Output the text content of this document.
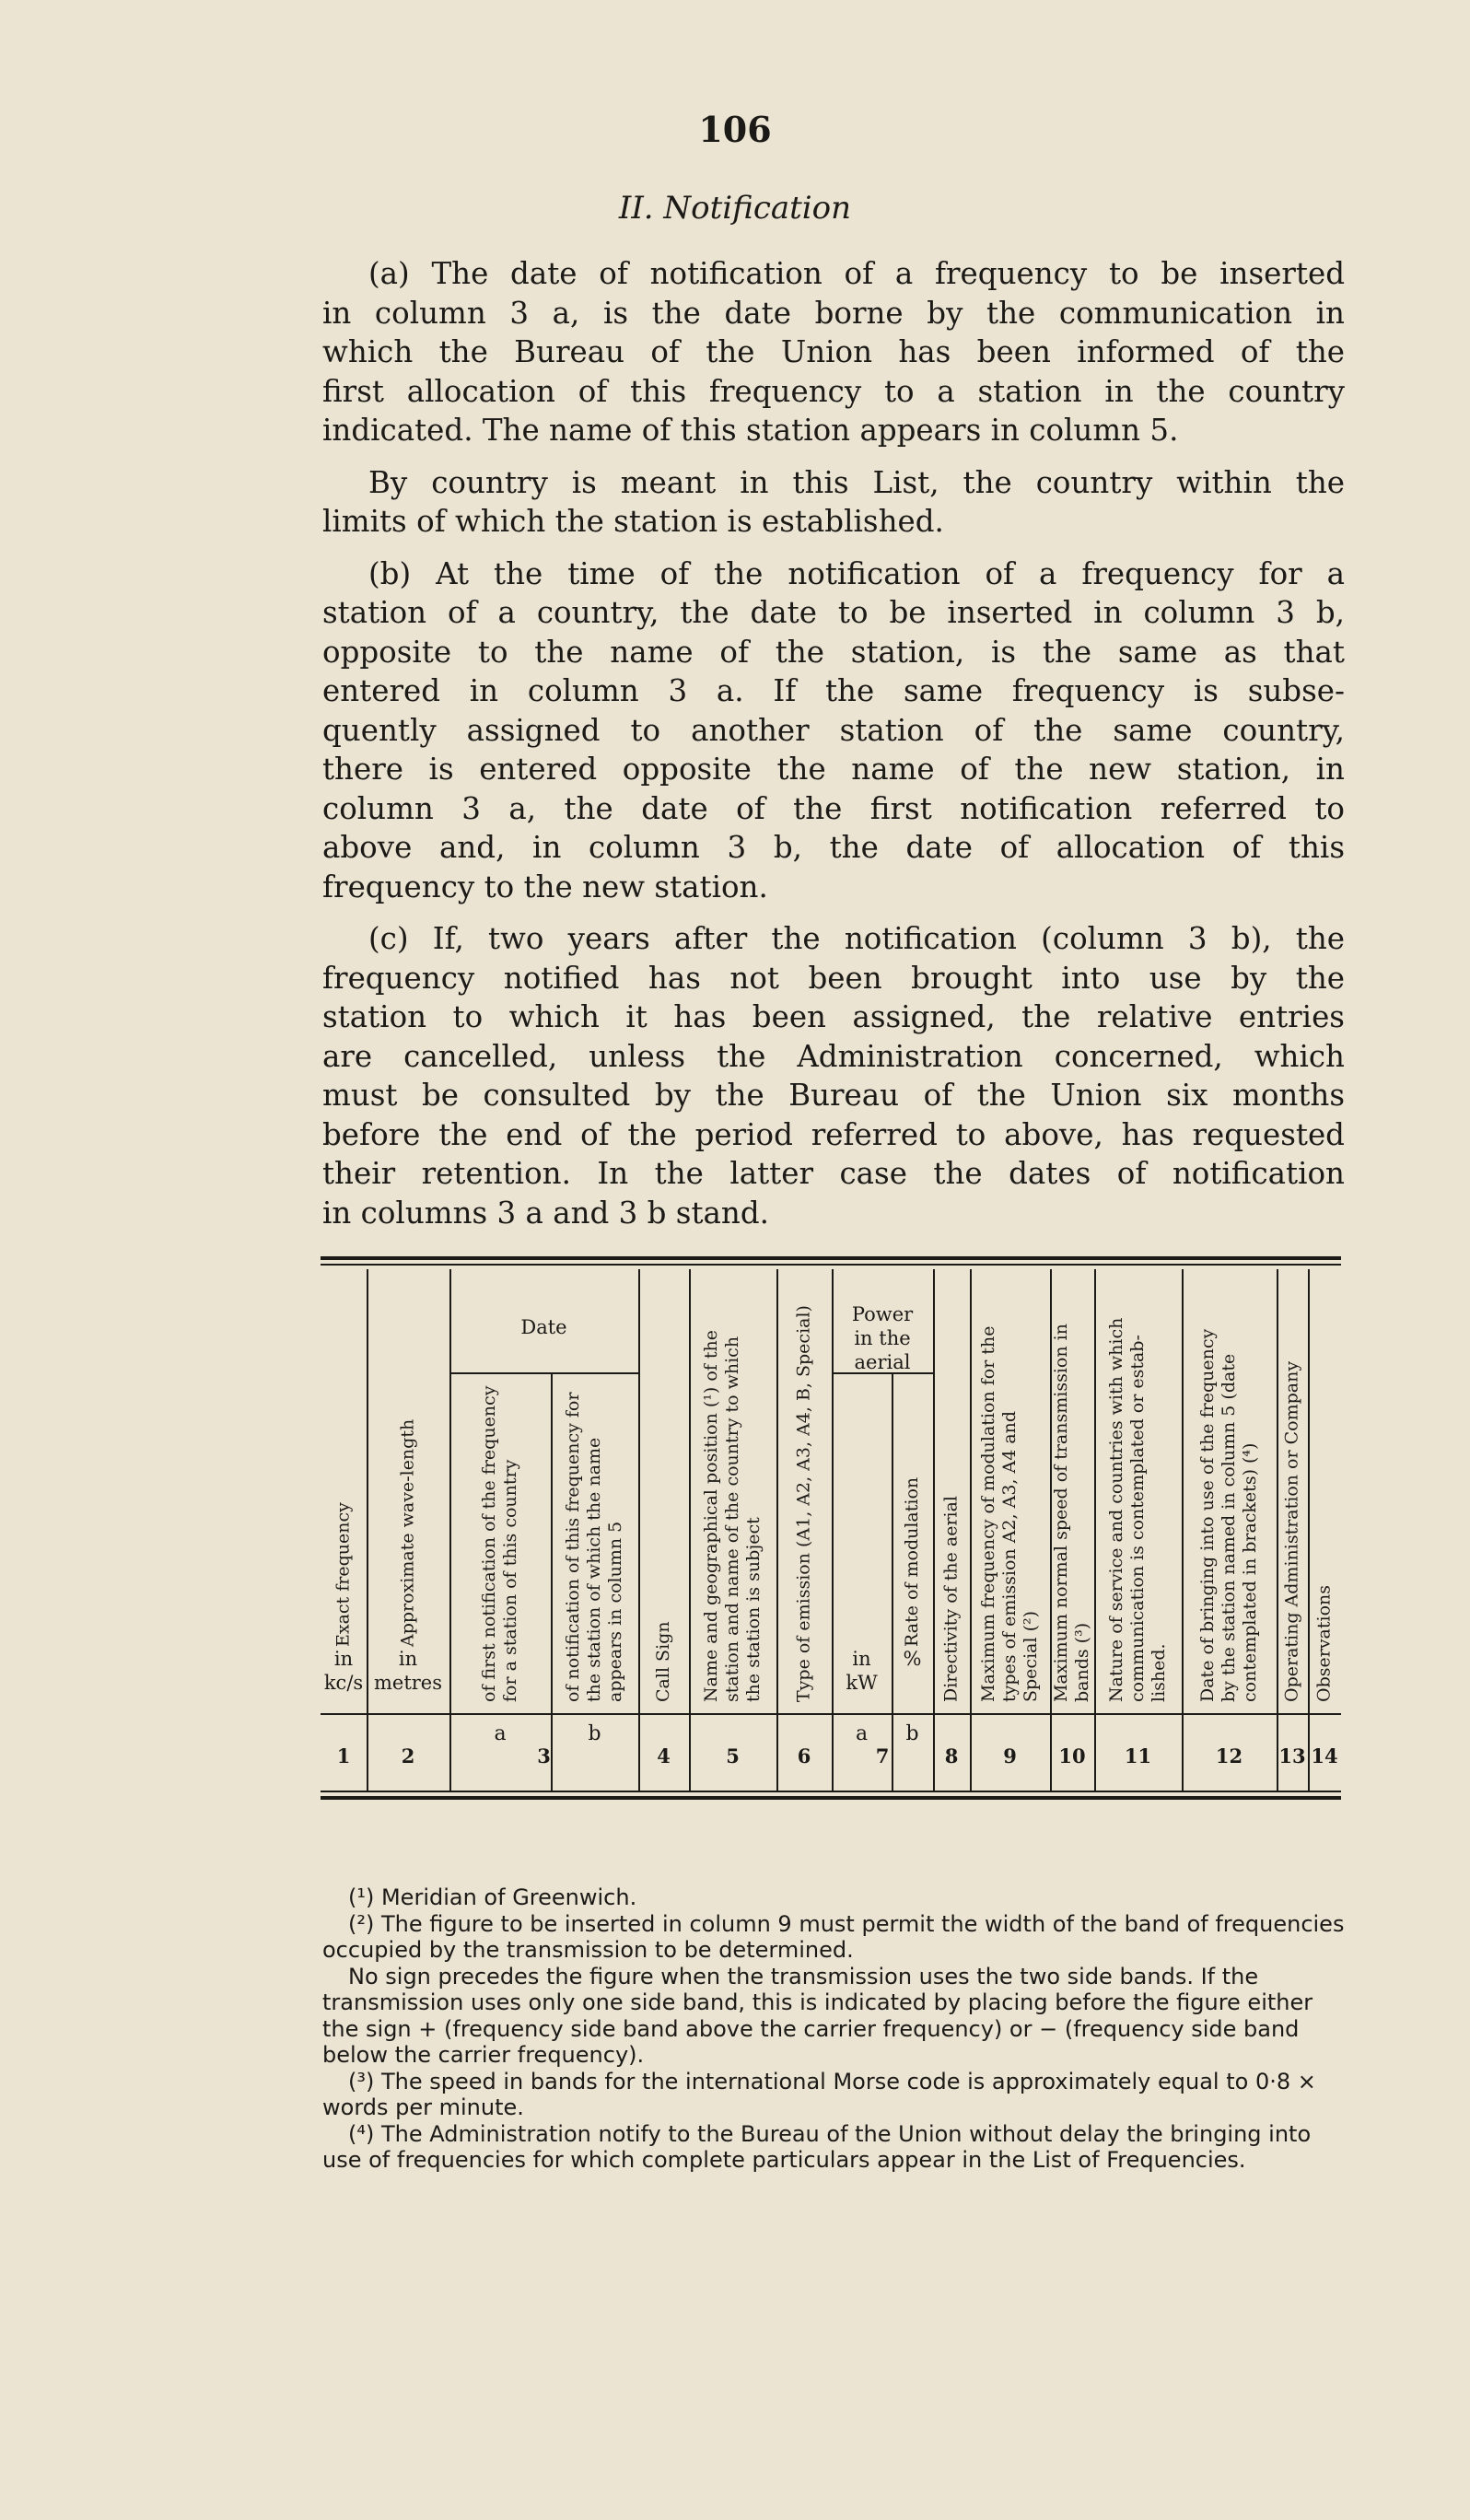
106
II. Notification

(a) The date of notification of a frequency to be inserted
in column 3 a, is the date borne by the communication in
which the Bureau of the Union has been informed of the
first allocation of this frequency to a station in the country
indicated. The name of this station appears in column 5.

By country is meant in this List, the country within the
limits of which the station is established.

(b) At the time of the notification of a frequency for a
station of a country, the date to be inserted in column 3 b,
opposite to the name of the station, is the same as that
entered in column 3 a. If the same frequency is subse-
quently assigned to another station of the same country,
there is entered opposite the name of the new station, in
column 3 a, the date of the first notification referred to
above and, in column 3 b, the date of allocation of this
frequency to the new station.

(c) If, two years after the notification (column 3 b), the
frequency notified has not been brought into use by the
station to which it has been assigned, the relative entries
are cancelled, unless the Administration concerned, which
must be consulted by the Bureau of the Union six months
before the end of the period referred to above, has requested
their retention. In the latter case the dates of notification
in columns 3 a and 3 b stand.

Date
Power
in the
aerial
Exact frequency
in
kc/s
1
Approximate wave-length
in
metres
2
of first notification of the frequency
for a station of this country
a
of notification of this frequency for
the station of which the name
appears in column 5
b
3
Call Sign
4
Name and geographical position (¹) of the
station and name of the country to which
the station is subject
5
Type of emission (A1, A2, A3, A4, B, Special)
6
in
kW
a
Rate of modulation
%
b
7
Directivity of the aerial
8
Maximum frequency of modulation for the
types of emission A2, A3, A4 and
Special (²)
9
Maximum normal speed of transmission in
bands (³)
10
Nature of service and countries with which
communication is contemplated or estab-
lished.
11
Date of bringing into use of the frequency
by the station named in column 5 (date
contemplated in brackets) (⁴)
12
Operating Administration or Company
13
Observations
14

(¹) Meridian of Greenwich.

(²) The figure to be inserted in column 9 must permit the width of the band of frequencies occupied by the transmission to be determined.

No sign precedes the figure when the transmission uses the two side bands. If the transmission uses only one side band, this is indicated by placing before the figure either the sign + (frequency side band above the carrier frequency) or − (frequency side band below the carrier frequency).

(³) The speed in bands for the international Morse code is approximately equal to 0·8 × words per minute.

(⁴) The Administration notify to the Bureau of the Union without delay the bringing into use of frequencies for which complete particulars appear in the List of Frequencies.
